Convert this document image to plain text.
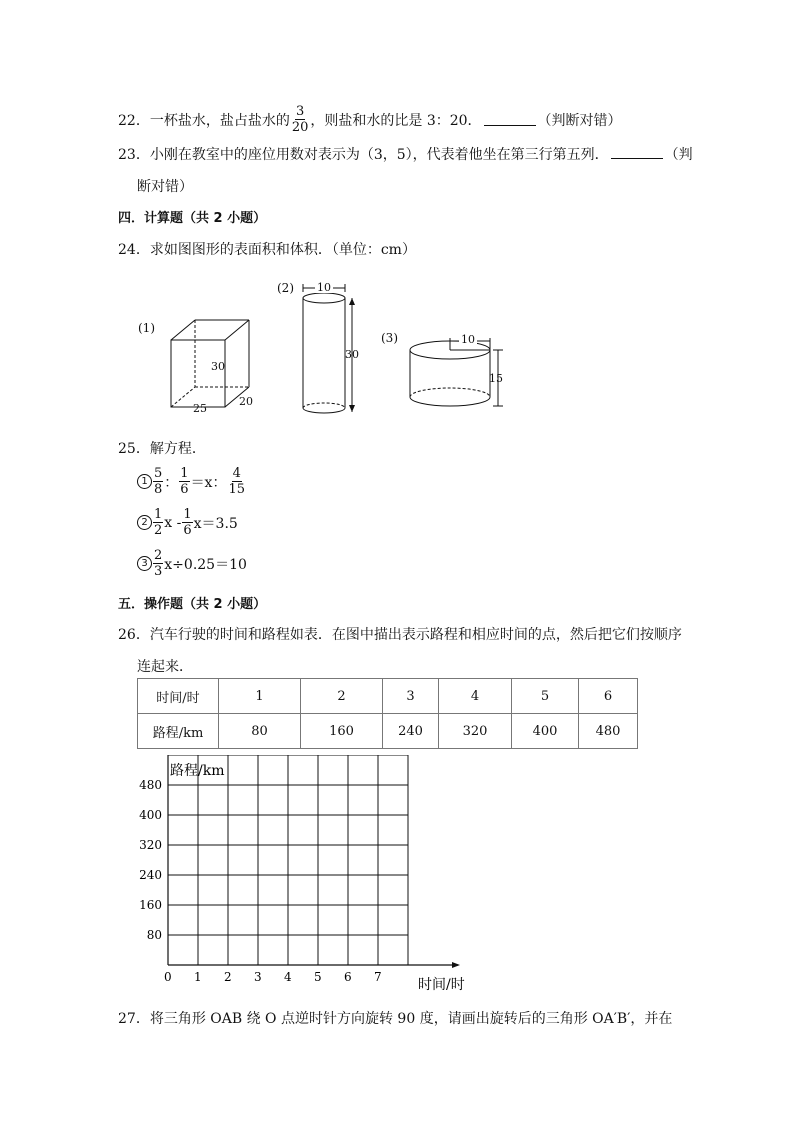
22． 一杯盐水，盐占盐水的 $\frac{3}{20}$ ，则盐和水的比是 3：20．	（判断对错）
23．小刚在教室中的座位用数对表示为（3，5），代表着他坐在第三行第五列．	（判
断对错）
四．计算题（共 2 小题）
24．求如图图形的表面积和体积．（单位：cm）
(1)
30
25
20
(2) 10
30
(3)	10
15
25．解方程．
$1 \frac{5}{8}$ ： $\frac{1}{6} =x$： $\frac{4}{15}$
$2 \frac{1}{2}$ $x - \frac{1}{6} x=3.5$
$3 \frac{2}{3} x\div 0.25=10$
五．操作题（共 2 小题）
26．汽车行驶的时间和路程如表．在图中描出表示路程和相应时间的点，然后把它们按顺序
连起来．
时间/时	1	2	3	4	5	6
路程/km	80	160	240	320	400	480
0 1 2 3 4 5 6 7
80
160
240
320
400
480
路程/km
时间/时
27．将三角形 OAB 绕 O 点逆时针方向旋转 90 度，请画出旋转后的三角形 OA′B′，并在
